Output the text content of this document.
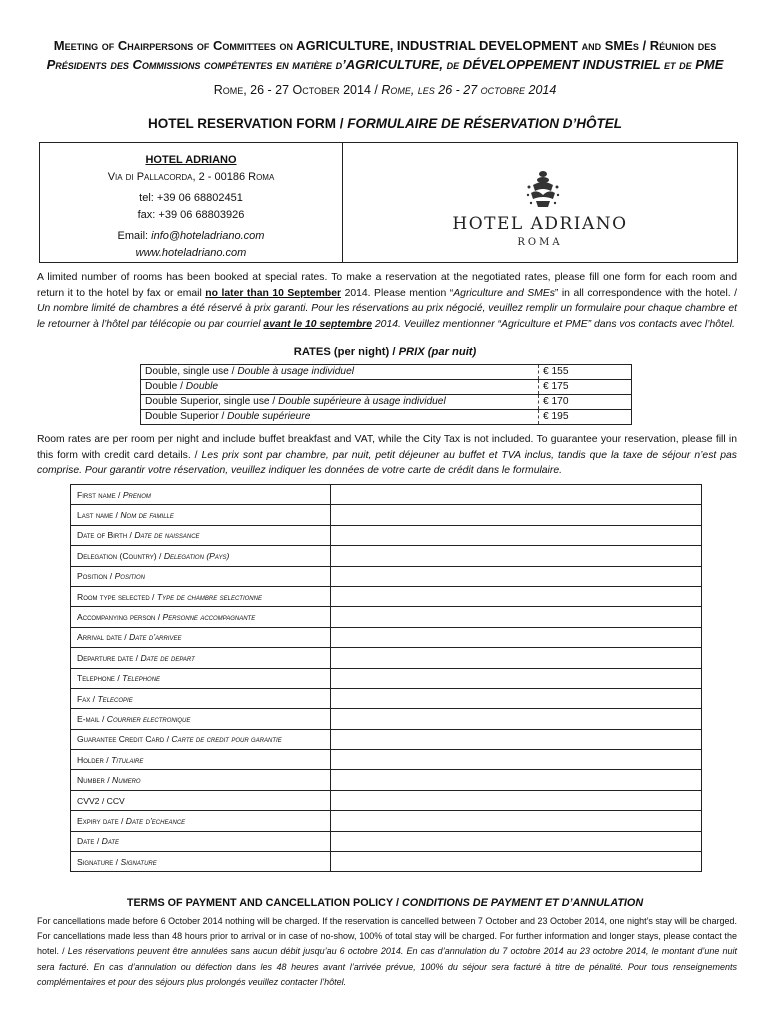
Meeting of Chairpersons of Committees on AGRICULTURE, INDUSTRIAL DEVELOPMENT and SMEs / Réunion des
Présidents des Commissions compétentes en matière d’AGRICULTURE, de DÉVELOPPEMENT INDUSTRIEL et de PME
Rome, 26 - 27 October 2014 / Rome, les 26 - 27 octobre 2014
HOTEL RESERVATION FORM / FORMULAIRE DE RÉSERVATION D’HÔTEL
HOTEL ADRIANO
Via di Pallacorda, 2 - 00186 Roma
tel: +39 06 68802451
fax: +39 06 68803926
Email: info@hoteladriano.com
www.hoteladriano.com
HOTEL ADRIANO
ROMA
A limited number of rooms has been booked at special rates. To make a reservation at the negotiated rates, please fill one form for each room and return it to the hotel by fax or email no later than 10 September 2014. Please mention “Agriculture and SMEs” in all correspondence with the hotel. / Un nombre limité de chambres a été réservé à prix garanti. Pour les réservations au prix négocié, veuillez remplir un formulaire pour chaque chambre et le retourner à l’hôtel par télécopie ou par courriel avant le 10 septembre 2014. Veuillez mentionner “Agriculture et PME” dans vos contacts avec l’hôtel.
RATES (per night) / PRIX (par nuit)
Double, single use / Double à usage individuel	€ 155
Double / Double	€ 175
Double Superior, single use / Double supérieure à usage individuel	€ 170
Double Superior / Double supérieure	€ 195
Room rates are per room per night and include buffet breakfast and VAT, while the City Tax is not included. To guarantee your reservation, please fill in this form with credit card details. / Les prix sont par chambre, par nuit, petit déjeuner au buffet et TVA inclus, tandis que la taxe de séjour n’est pas comprise. Pour garantir votre réservation, veuillez indiquer les données de votre carte de crédit dans le formulaire.
First name / Prenom	
Last name / Nom de famille	
Date of Birth / Date de naissance	
Delegation (Country) / Delegation (Pays)	
Position / Position	
Room type selected / Type de chambre selectionne	
Accompanying person / Personne accompagnante	
Arrival date / Date d’arrivee	
Departure date / Date de depart	
Telephone / Telephone	
Fax / Telecopie	
E-mail / Courrier electronique	
Guarantee Credit Card / Carte de credit pour garantie	
Holder / Titulaire	
Number / Numero	
CVV2 / CCV	
Expiry date / Date d’echeance	
Date / Date	
Signature / Signature	
TERMS OF PAYMENT AND CANCELLATION POLICY / CONDITIONS DE PAYMENT ET D’ANNULATION
For cancellations made before 6 October 2014 nothing will be charged. If the reservation is cancelled between 7 October and 23 October 2014, one night’s stay will be charged. For cancellations made less than 48 hours prior to arrival or in case of no-show, 100% of total stay will be charged. For further information and longer stays, please contact the hotel. / Les réservations peuvent être annulées sans aucun débit jusqu’au 6 octobre 2014. En cas d’annulation du 7 octobre 2014 au 23 octobre 2014, le montant d’une nuit sera facturé. En cas d’annulation ou défection dans les 48 heures avant l’arrivée prévue, 100% du séjour sera facturé à titre de pénalité. Pour tous renseignements complémentaires et pour des séjours plus prolongés veuillez contacter l’hôtel.
